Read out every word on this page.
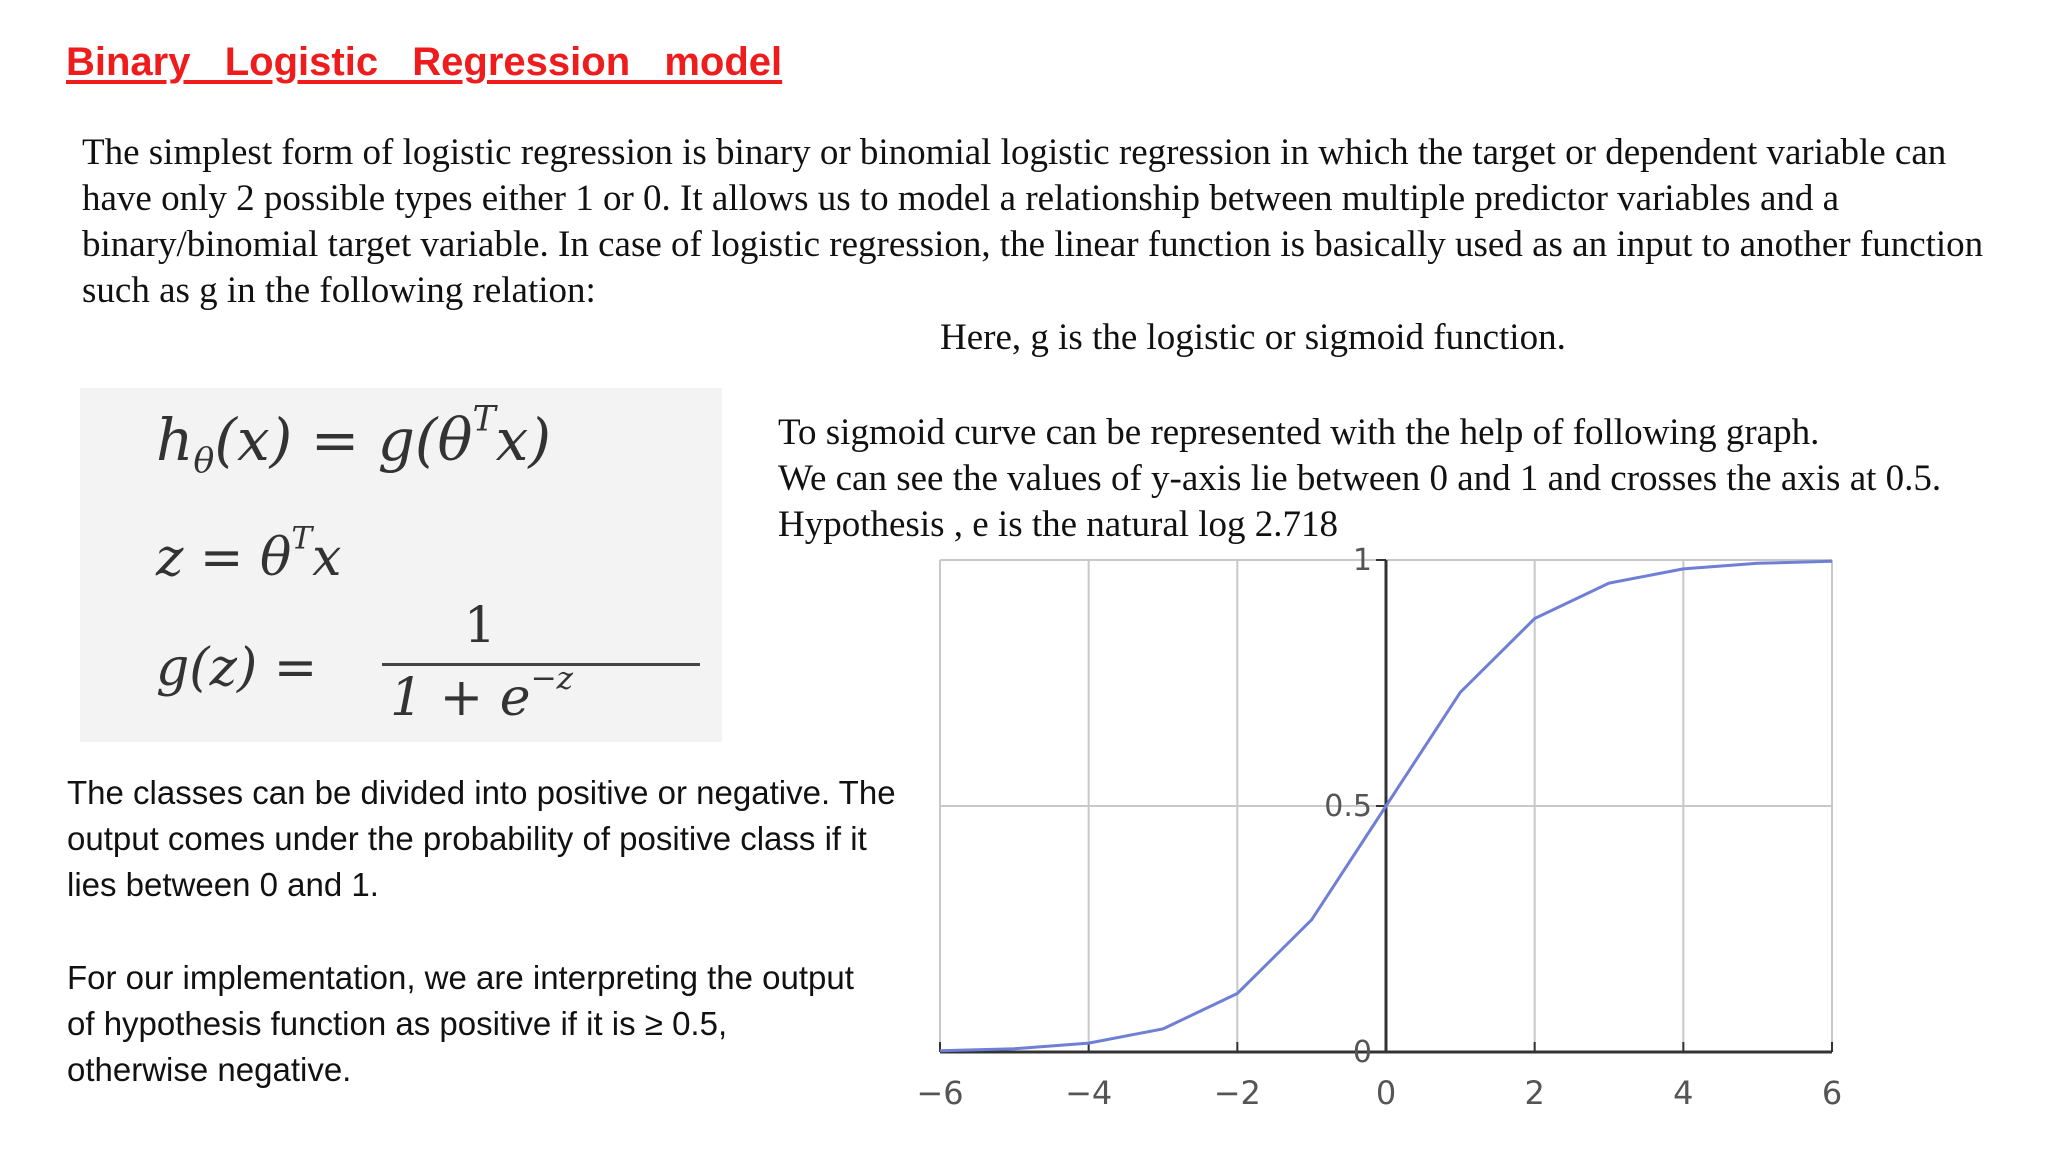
Binary  Logistic  Regression  model

The simplest form of logistic regression is binary or binomial logistic regression in which the target or dependent variable can have only 2 possible types either 1 or 0. It allows us to model a relationship between multiple predictor variables and a binary/binomial target variable. In case of logistic regression, the linear function is basically used as an input to another function such as g in the following relation:

Here, g is the logistic or sigmoid function.
$h_\theta(x) = g(\theta^Tx)$
$z = \theta^Tx$
g(z) =
1
$1 + e^{-z}$
To sigmoid curve can be represented with the help of following graph.
We can see the values of y-axis lie between 0 and 1 and crosses the axis at 0.5.
Hypothesis , e is the natural log 2.718

The classes can be divided into positive or negative. The output comes under the probability of positive class if it lies between 0 and 1.

For our implementation, we are interpreting the output of hypothesis function as positive if it is ≥ 0.5, otherwise negative.

−6	−4	−2	0	2	4	6
0
0.5
1
